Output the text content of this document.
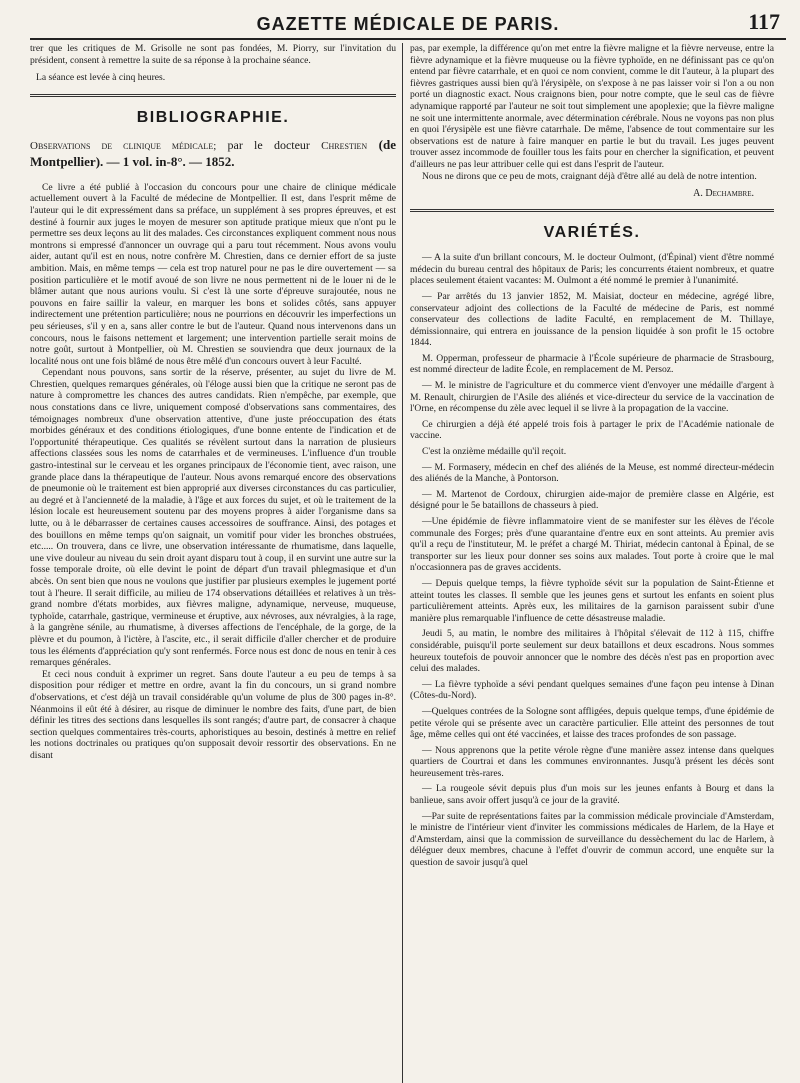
GAZETTE MÉDICALE DE PARIS.	117

trer que les critiques de M. Grisolle ne sont pas fondées, M. Piorry, sur l'invitation du président, consent à remettre la suite de sa réponse à la prochaine séance.

La séance est levée à cinq heures.

BIBLIOGRAPHIE.
Observations de clinique médicale; par le docteur Chrestien (de Montpellier). — 1 vol. in-8°. — 1852.

Ce livre a été publié à l'occasion du concours pour une chaire de clinique médicale actuellement ouvert à la Faculté de médecine de Montpellier. Il est, dans l'esprit même de l'auteur qui le dit expressément dans sa préface, un supplément à ses propres épreuves, et est destiné à fournir aux juges le moyen de mesurer son aptitude pratique mieux que n'ont pu le permettre ses deux leçons au lit des malades. Ces circonstances expliquent comment nous nous montrons si empressé d'annoncer un ouvrage qui a paru tout récemment. Nous avons voulu aider, autant qu'il est en nous, notre confrère M. Chrestien, dans ce dernier effort de sa juste ambition. Mais, en même temps — cela est trop naturel pour ne pas le dire ouvertement — sa position particulière et le motif avoué de son livre ne nous permettent ni de le louer ni de le blâmer autant que nous aurions voulu. Si c'est là une sorte d'épreuve surajoutée, nous ne pouvons en faire saillir la valeur, en marquer les bons et solides côtés, sans appuyer indirectement une prétention particulière; nous ne pourrions en découvrir les imperfections un peu sérieuses, s'il y en a, sans aller contre le but de l'auteur. Quand nous intervenons dans un concours, nous le faisons nettement et largement; une intervention partielle serait moins de notre goût, surtout à Montpellier, où M. Chrestien se souviendra que deux journaux de la localité nous ont une fois blâmé de nous être mêlé d'un concours ouvert à leur Faculté.

Cependant nous pouvons, sans sortir de la réserve, présenter, au sujet du livre de M. Chrestien, quelques remarques générales, où l'éloge aussi bien que la critique ne seront pas de nature à compromettre les chances des autres candidats. Rien n'empêche, par exemple, que nous constations dans ce livre, uniquement composé d'observations sans commentaires, des témoignages nombreux d'une observation attentive, d'une juste préoccupation des états morbides généraux et des conditions étiologiques, d'une bonne entente de l'indication et de l'opportunité thérapeutique. Ces qualités se révèlent surtout dans la narration de plusieurs affections classées sous les noms de catarrhales et de vermineuses. L'influence d'un trouble gastro-intestinal sur le cerveau et les organes principaux de l'économie tient, avec raison, une grande place dans la thérapeutique de l'auteur. Nous avons remarqué encore des observations de pneumonie où le traitement est bien approprié aux diverses circonstances du cas particulier, au degré et à l'ancienneté de la maladie, à l'âge et aux forces du sujet, et où le traitement de la lésion locale est heureusement soutenu par des moyens propres à aider l'organisme dans sa lutte, ou à le débarrasser de certaines causes accessoires de souffrance. Ainsi, des potages et des bouillons en même temps qu'on saignait, un vomitif pour vider les bronches obstruées, etc..... On trouvera, dans ce livre, une observation intéressante de rhumatisme, dans laquelle, une vive douleur au niveau du sein droit ayant disparu tout à coup, il en survint une autre sur la fosse temporale droite, où elle devint le point de départ d'un travail phlegmasique et d'un abcès. On sent bien que nous ne voulons que justifier par plusieurs exemples le jugement porté tout à l'heure. Il serait difficile, au milieu de 174 observations détaillées et relatives à un très-grand nombre d'états morbides, aux fièvres maligne, adynamique, nerveuse, muqueuse, typhoïde, catarrhale, gastrique, vermineuse et éruptive, aux névroses, aux névralgies, à la rage, à la gangrène sénile, au rhumatisme, à diverses affections de l'encéphale, de la gorge, de la plèvre et du poumon, à l'ictère, à l'ascite, etc., il serait difficile d'aller chercher et de produire tous les éléments d'appréciation qu'y sont renfermés. Force nous est donc de nous en tenir à ces remarques générales.

Et ceci nous conduit à exprimer un regret. Sans doute l'auteur a eu peu de temps à sa disposition pour rédiger et mettre en ordre, avant la fin du concours, un si grand nombre d'observations, et c'est déjà un travail considérable qu'un volume de plus de 300 pages in-8°. Néanmoins il eût été à désirer, au risque de diminuer le nombre des faits, d'une part, de bien définir les titres des sections dans lesquelles ils sont rangés; d'autre part, de consacrer à chaque section quelques commentaires très-courts, aphoristiques au besoin, destinés à mettre en relief les notions doctrinales ou pratiques qu'on supposait devoir ressortir des observations. En ne disant

pas, par exemple, la différence qu'on met entre la fièvre maligne et la fièvre nerveuse, entre la fièvre adynamique et la fièvre muqueuse ou la fièvre typhoïde, en ne définissant pas ce qu'on entend par fièvre catarrhale, et en quoi ce nom convient, comme le dit l'auteur, à la plupart des fièvres gastriques aussi bien qu'à l'érysipèle, on s'expose à ne pas laisser voir si l'on a ou non porté un diagnostic exact. Nous craignons bien, pour notre compte, que le seul cas de fièvre adynamique rapporté par l'auteur ne soit tout simplement une apoplexie; que la fièvre maligne ne soit une intermittente anormale, avec détermination cérébrale. Nous ne voyons pas non plus en quoi l'érysipèle est une fièvre catarrhale. De même, l'absence de tout commentaire sur les observations est de nature à faire manquer en partie le but du travail. Les juges peuvent trouver assez incommode de fouiller tous les faits pour en chercher la signification, et peuvent d'ailleurs ne pas leur attribuer celle qui est dans l'esprit de l'auteur.

Nous ne dirons que ce peu de mots, craignant déjà d'être allé au delà de notre intention.

A. Dechambre.
VARIÉTÉS.

— A la suite d'un brillant concours, M. le docteur Oulmont, (d'Épinal) vient d'être nommé médecin du bureau central des hôpitaux de Paris; les concurrents étaient nombreux, et quatre places seulement étaient vacantes: M. Oulmont a été nommé le premier à l'unanimité.

— Par arrêtés du 13 janvier 1852, M. Maisiat, docteur en médecine, agrégé libre, conservateur adjoint des collections de la Faculté de médecine de Paris, est nommé conservateur des collections de ladite Faculté, en remplacement de M. Thillaye, démissionnaire, qui entrera en jouissance de la pension liquidée à son profit le 15 octobre 1844.

M. Opperman, professeur de pharmacie à l'École supérieure de pharmacie de Strasbourg, est nommé directeur de ladite École, en remplacement de M. Persoz.

— M. le ministre de l'agriculture et du commerce vient d'envoyer une médaille d'argent à M. Renault, chirurgien de l'Asile des aliénés et vice-directeur du service de la vaccination de l'Orne, en récompense du zèle avec lequel il se livre à la propagation de la vaccine.

Ce chirurgien a déjà été appelé trois fois à partager le prix de l'Académie nationale de vaccine.

C'est la onzième médaille qu'il reçoit.

— M. Formasery, médecin en chef des aliénés de la Meuse, est nommé directeur-médecin des aliénés de la Manche, à Pontorson.

— M. Martenot de Cordoux, chirurgien aide-major de première classe en Algérie, est désigné pour le 5e bataillons de chasseurs à pied.

—Une épidémie de fièvre inflammatoire vient de se manifester sur les élèves de l'école communale des Forges; près d'une quarantaine d'entre eux en sont atteints. Au premier avis qu'il a reçu de l'instituteur, M. le préfet a chargé M. Thiriat, médecin cantonal à Épinal, de se transporter sur les lieux pour donner ses soins aux malades. Tout porte à croire que le mal n'occasionnera pas de graves accidents.

— Depuis quelque temps, la fièvre typhoïde sévit sur la population de Saint-Étienne et atteint toutes les classes. Il semble que les jeunes gens et surtout les enfants en soient plus particulièrement atteints. Après eux, les militaires de la garnison paraissent subir d'une manière plus remarquable l'influence de cette désastreuse maladie.

Jeudi 5, au matin, le nombre des militaires à l'hôpital s'élevait de 112 à 115, chiffre considérable, puisqu'il porte seulement sur deux bataillons et deux escadrons. Nous sommes heureux toutefois de pouvoir annoncer que le nombre des décès n'est pas en proportion avec celui des malades.

— La fièvre typhoïde a sévi pendant quelques semaines d'une façon peu intense à Dinan (Côtes-du-Nord).

—Quelques contrées de la Sologne sont affligées, depuis quelque temps, d'une épidémie de petite vérole qui se présente avec un caractère particulier. Elle atteint des personnes de tout âge, même celles qui ont été vaccinées, et laisse des traces profondes de son passage.

— Nous apprenons que la petite vérole règne d'une manière assez intense dans quelques quartiers de Courtrai et dans les communes environnantes. Jusqu'à présent les décès sont heureusement très-rares.

— La rougeole sévit depuis plus d'un mois sur les jeunes enfants à Bourg et dans la banlieue, sans avoir offert jusqu'à ce jour de la gravité.

—Par suite de représentations faites par la commission médicale provinciale d'Amsterdam, le ministre de l'intérieur vient d'inviter les commissions médicales de Harlem, de la Haye et d'Amsterdam, ainsi que la commission de surveillance du dessèchement du lac de Harlem, à déléguer deux membres, chacune à l'effet d'ouvrir de commun accord, une enquête sur la question de savoir jusqu'à quel
